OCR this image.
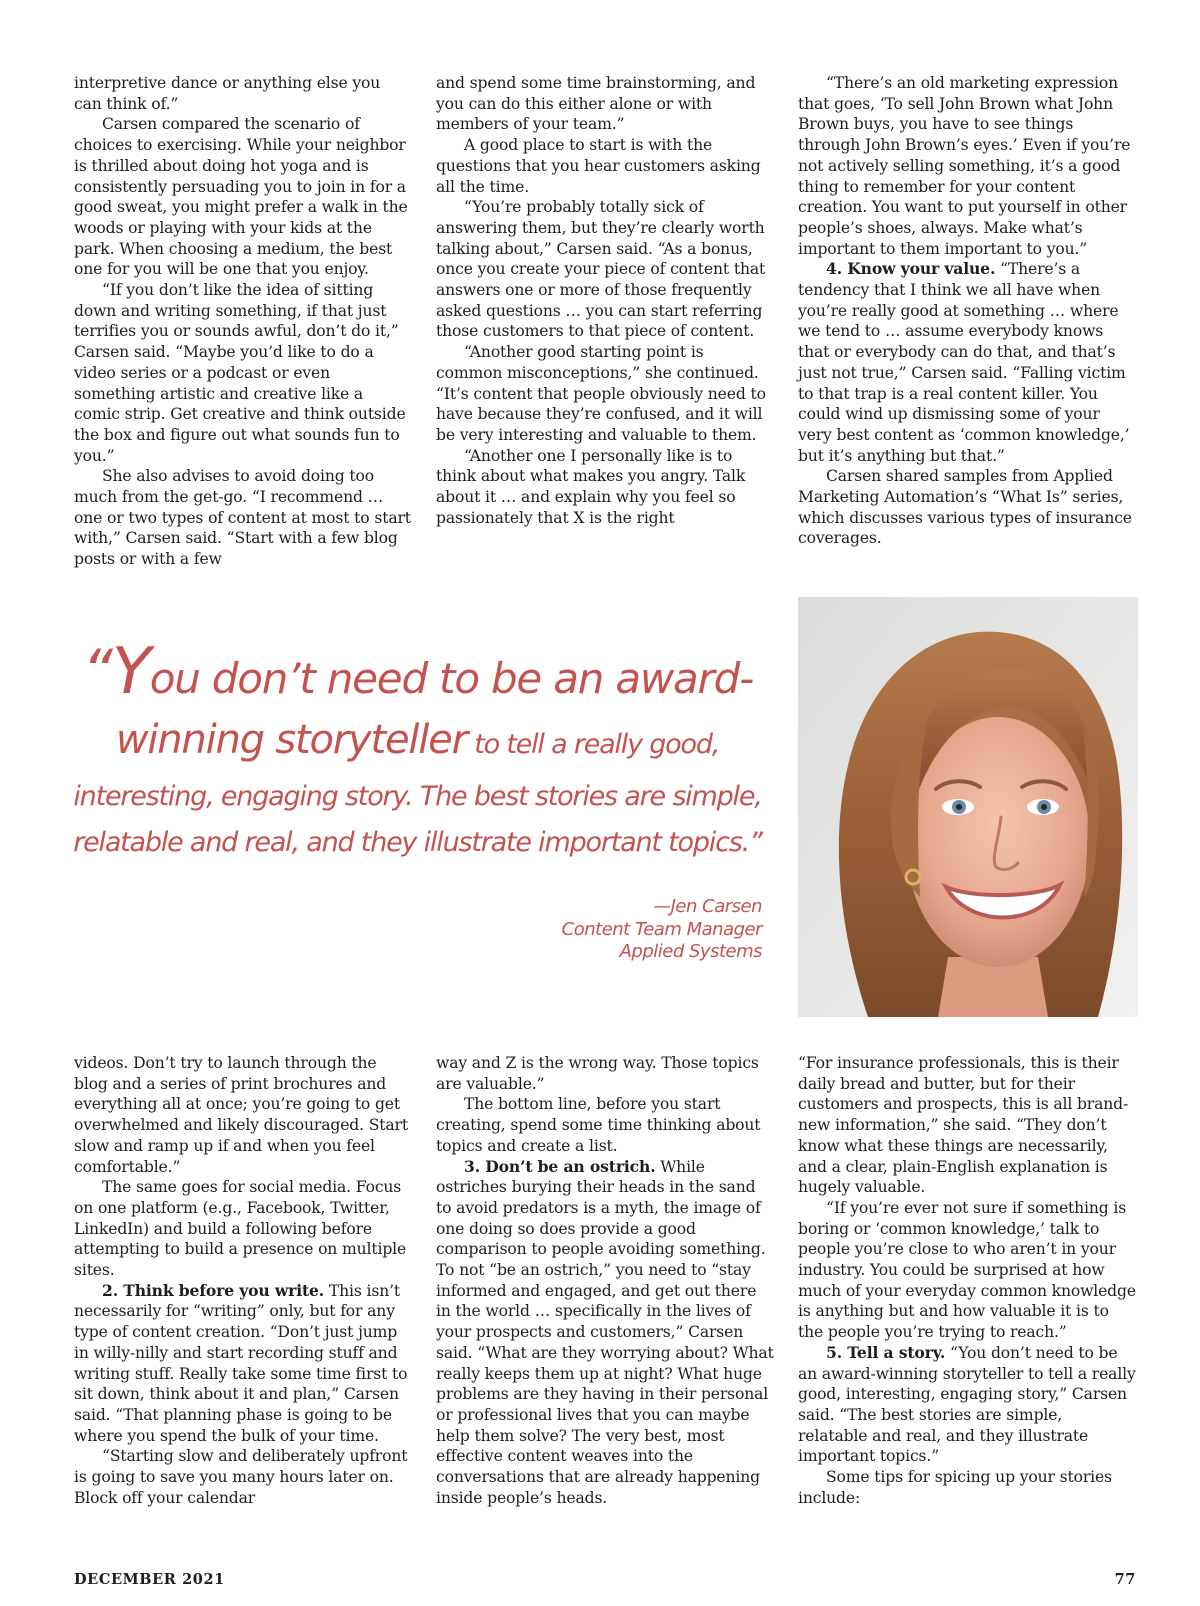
interpretive dance or anything else you can think of.”

Carsen compared the scenario of choices to exercising. While your neighbor is thrilled about doing hot yoga and is consistently persuading you to join in for a good sweat, you might prefer a walk in the woods or playing with your kids at the park. When choosing a medium, the best one for you will be one that you enjoy.

“If you don’t like the idea of sitting down and writing something, if that just terrifies you or sounds awful, don’t do it,” Carsen said. “Maybe you’d like to do a video series or a podcast or even something artistic and creative like a comic strip. Get creative and think outside the box and figure out what sounds fun to you.”

She also advises to avoid doing too much from the get-go. “I recommend … one or two types of content at most to start with,” Carsen said. “Start with a few blog posts or with a few

and spend some time brainstorming, and you can do this either alone or with members of your team.”

A good place to start is with the questions that you hear customers asking all the time.

“You’re probably totally sick of answering them, but they’re clearly worth talking about,” Carsen said. “As a bonus, once you create your piece of content that answers one or more of those frequently asked questions … you can start referring those customers to that piece of content.

“Another good starting point is common misconceptions,” she continued. “It’s content that people obviously need to have because they’re confused, and it will be very interesting and valuable to them.

“Another one I personally like is to think about what makes you angry. Talk about it … and explain why you feel so passionately that X is the right

“There’s an old marketing expression that goes, ‘To sell John Brown what John Brown buys, you have to see things through John Brown’s eyes.’ Even if you’re not actively selling something, it’s a good thing to remember for your content creation. You want to put yourself in other people’s shoes, always. Make what’s important to them important to you.”

4. Know your value. “There’s a tendency that I think we all have when you’re really good at something … where we tend to … assume everybody knows that or everybody can do that, and that’s just not true,” Carsen said. “Falling victim to that trap is a real content killer. You could wind up dismissing some of your very best content as ‘common knowledge,’ but it’s anything but that.”

Carsen shared samples from Applied Marketing Automation’s “What Is” series, which discusses various types of insurance coverages.

“You don’t need to be an award-
winning storyteller to tell a really good,
interesting, engaging story. The best stories are simple,
relatable and real, and they illustrate important topics.”
—Jen Carsen
Content Team Manager
Applied Systems

videos. Don’t try to launch through the blog and a series of print brochures and everything all at once; you’re going to get overwhelmed and likely discouraged. Start slow and ramp up if and when you feel comfortable.”

The same goes for social media. Focus on one platform (e.g., Facebook, Twitter, LinkedIn) and build a following before attempting to build a presence on multiple sites.

2. Think before you write. This isn’t necessarily for “writing” only, but for any type of content creation. “Don’t just jump in willy-nilly and start recording stuff and writing stuff. Really take some time first to sit down, think about it and plan,” Carsen said. “That planning phase is going to be where you spend the bulk of your time.

“Starting slow and deliberately upfront is going to save you many hours later on. Block off your calendar

way and Z is the wrong way. Those topics are valuable.”

The bottom line, before you start creating, spend some time thinking about topics and create a list.

3. Don’t be an ostrich. While ostriches burying their heads in the sand to avoid predators is a myth, the image of one doing so does provide a good comparison to people avoiding something. To not “be an ostrich,” you need to “stay informed and engaged, and get out there in the world … specifically in the lives of your prospects and customers,” Carsen said. “What are they worrying about? What really keeps them up at night? What huge problems are they having in their personal or professional lives that you can maybe help them solve? The very best, most effective content weaves into the conversations that are already happening inside people’s heads.

“For insurance professionals, this is their daily bread and butter, but for their customers and prospects, this is all brand-new information,” she said. “They don’t know what these things are necessarily, and a clear, plain-English explanation is hugely valuable.

“If you’re ever not sure if something is boring or ‘common knowledge,’ talk to people you’re close to who aren’t in your industry. You could be surprised at how much of your everyday common knowledge is anything but and how valuable it is to the people you’re trying to reach.”

5. Tell a story. “You don’t need to be an award-winning storyteller to tell a really good, interesting, engaging story,” Carsen said. “The best stories are simple, relatable and real, and they illustrate important topics.”

Some tips for spicing up your stories include:

DECEMBER 2021	77
